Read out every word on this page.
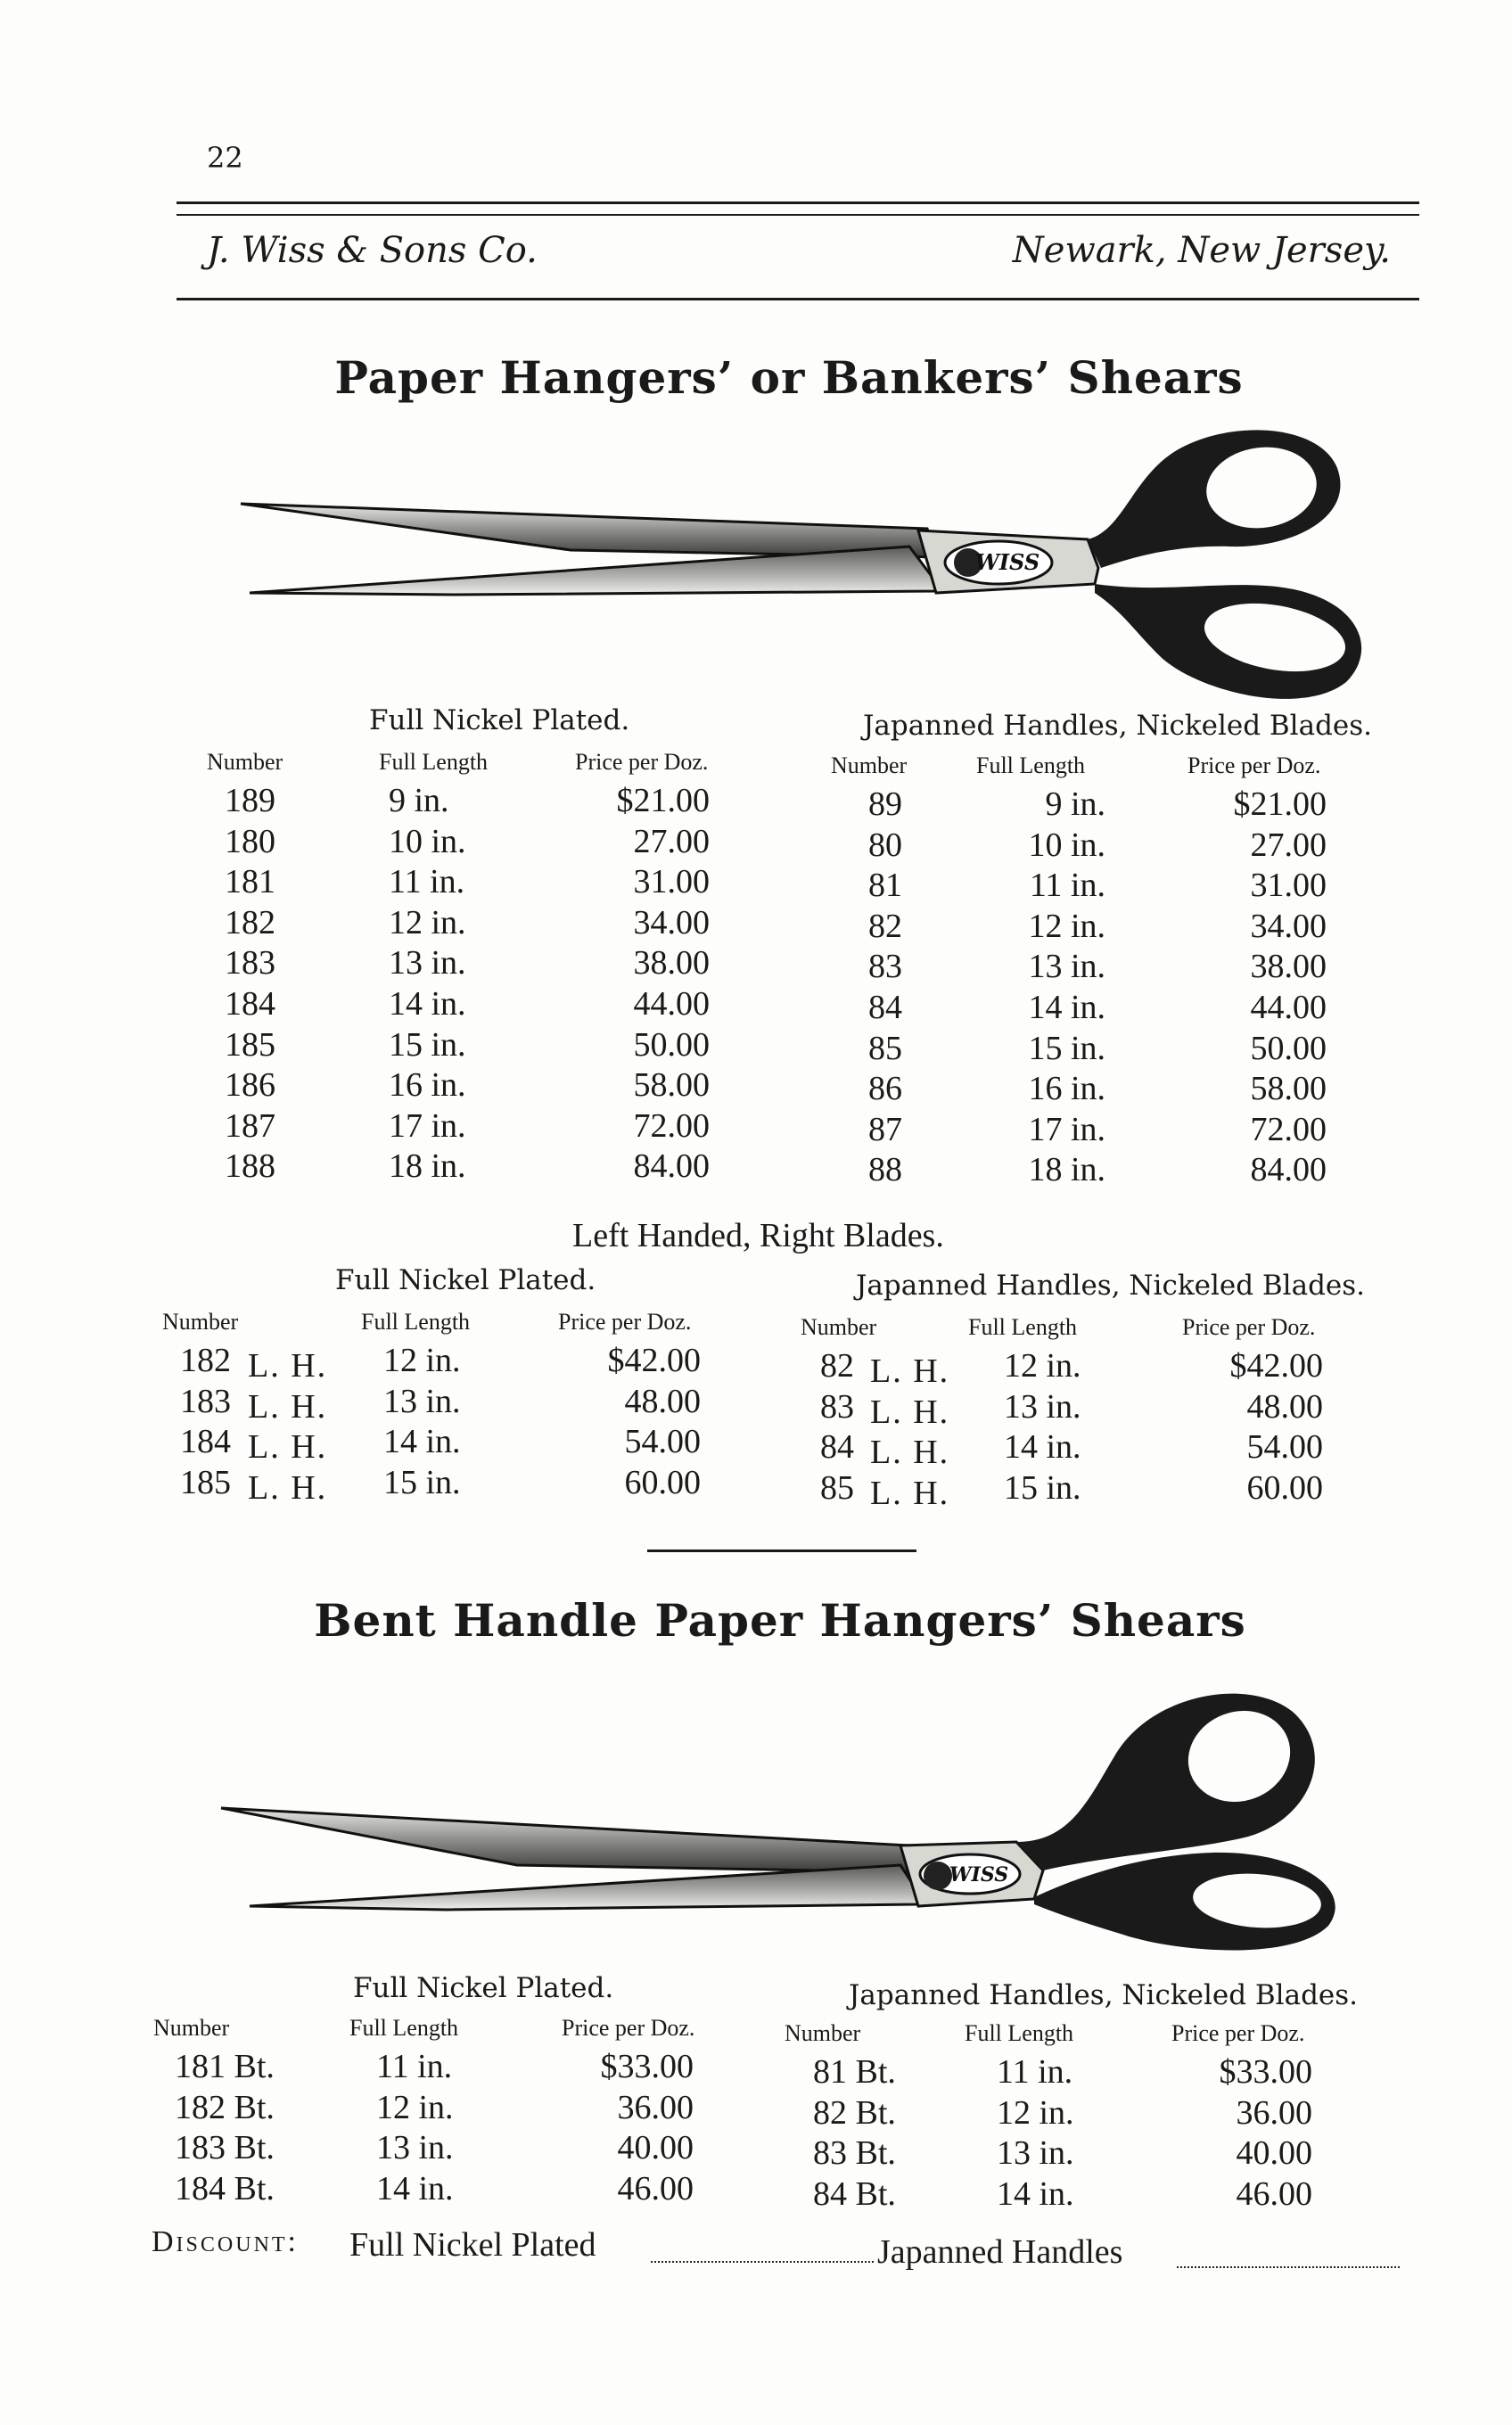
22
J. Wiss & Sons Co.	Newark, New Jersey.
Paper Hangers’ or Bankers’ Shears
WISS
Full Nickel Plated.	Japanned Handles, Nickeled Blades.
Number	Full Length	Price per Doz.
189	9 in.	$21.00
180	10 in.	27.00
181	11 in.	31.00
182	12 in.	34.00
183	13 in.	38.00
184	14 in.	44.00
185	15 in.	50.00
186	16 in.	58.00
187	17 in.	72.00
188	18 in.	84.00
Number	Full Length	Price per Doz.
89	9 in.	$21.00
80	10 in.	27.00
81	11 in.	31.00
82	12 in.	34.00
83	13 in.	38.00
84	14 in.	44.00
85	15 in.	50.00
86	16 in.	58.00
87	17 in.	72.00
88	18 in.	84.00
Left Handed, Right Blades.
Full Nickel Plated.	Japanned Handles, Nickeled Blades.
Number	Full Length	Price per Doz.
182 L. H. 12 in.	$42.00
183 L. H. 13 in.	48.00
184 L. H. 14 in.	54.00
185 L. H. 15 in.	60.00
Number	Full Length	Price per Doz.
82 L. H. 12 in.	$42.00
83 L. H. 13 in.	48.00
84 L. H. 14 in.	54.00
85 L. H. 15 in.	60.00
Bent Handle Paper Hangers’ Shears
WISS
Full Nickel Plated.	Japanned Handles, Nickeled Blades.
Number	Full Length	Price per Doz.
181 Bt.	11 in.	$33.00
182 Bt.	12 in.	36.00
183 Bt.	13 in.	40.00
184 Bt.	14 in.	46.00
Number	Full Length	Price per Doz.
81 Bt.	11 in.	$33.00
82 Bt.	12 in.	36.00
83 Bt.	13 in.	40.00
84 Bt.	14 in.	46.00
Discount: Full Nickel Plated	Japanned Handles
